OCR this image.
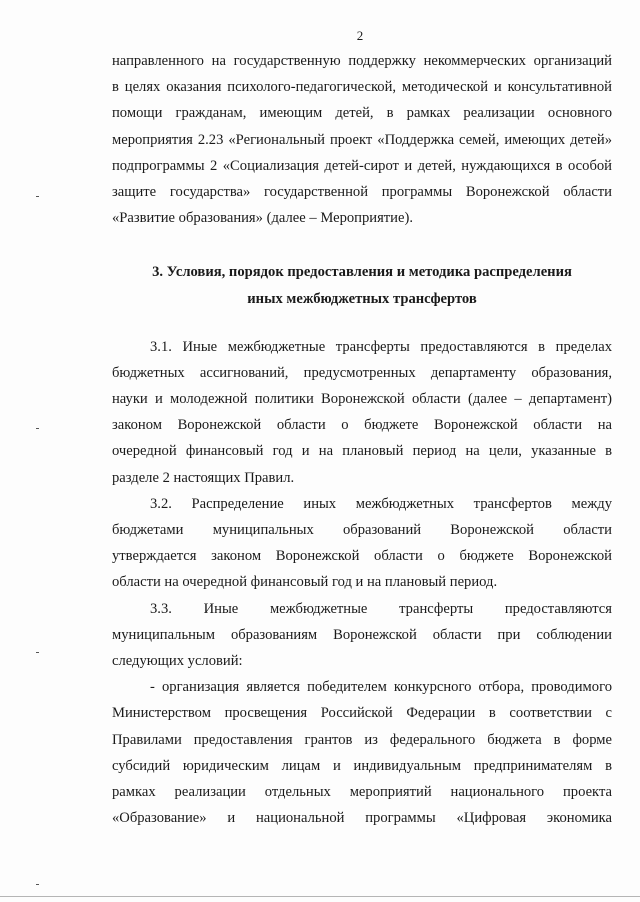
2
направленного на государственную поддержку некоммерческих организаций
в целях оказания психолого-педагогической, методической и консультативной
помощи гражданам, имеющим детей, в рамках реализации основного
мероприятия 2.23 «Региональный проект «Поддержка семей, имеющих детей»
подпрограммы 2 «Социализация детей-сирот и детей, нуждающихся в особой
защите государства» государственной программы Воронежской области
«Развитие образования» (далее – Мероприятие).
3. Условия, порядок предоставления и методика распределения
иных межбюджетных трансфертов
3.1. Иные межбюджетные трансферты предоставляются в пределах
бюджетных ассигнований, предусмотренных департаменту образования,
науки и молодежной политики Воронежской области (далее – департамент)
законом Воронежской области о бюджете Воронежской области на
очередной финансовый год и на плановый период на цели, указанные в
разделе 2 настоящих Правил.
3.2. Распределение иных межбюджетных трансфертов между
бюджетами муниципальных образований Воронежской области
утверждается законом Воронежской области о бюджете Воронежской
области на очередной финансовый год и на плановый период.
3.3. Иные межбюджетные трансферты предоставляются
муниципальным образованиям Воронежской области при соблюдении
следующих условий:
- организация является победителем конкурсного отбора, проводимого
Министерством просвещения Российской Федерации в соответствии с
Правилами предоставления грантов из федерального бюджета в форме
субсидий юридическим лицам и индивидуальным предпринимателям в
рамках реализации отдельных мероприятий национального проекта
«Образование» и национальной программы «Цифровая экономика
